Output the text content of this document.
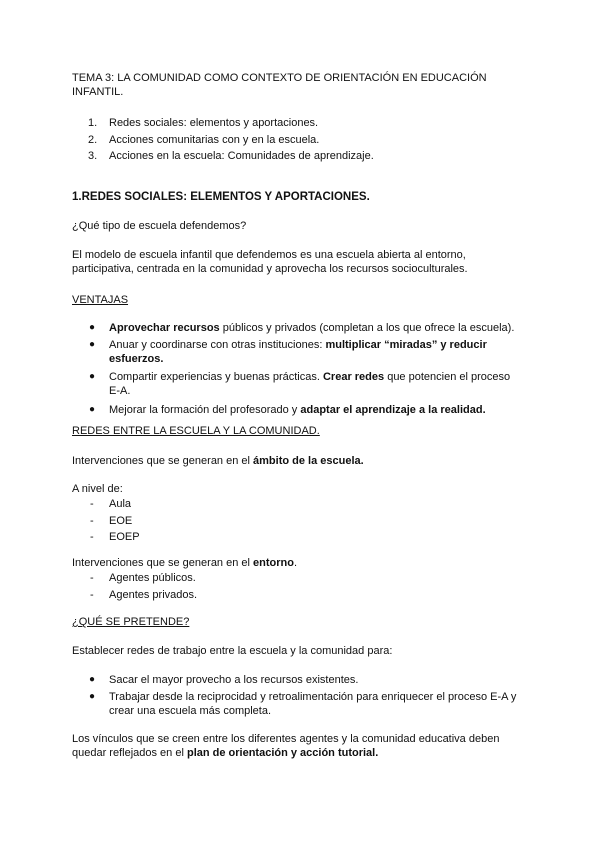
TEMA 3: LA COMUNIDAD COMO CONTEXTO DE ORIENTACIÓN EN EDUCACIÓN
INFANTIL.
1.	Redes sociales: elementos y aportaciones.
2.	Acciones comunitarias con y en la escuela.
3.	Acciones en la escuela: Comunidades de aprendizaje.
1.REDES SOCIALES: ELEMENTOS Y APORTACIONES.
¿Qué tipo de escuela defendemos?
El modelo de escuela infantil que defendemos es una escuela abierta al entorno,
participativa, centrada en la comunidad y aprovecha los recursos socioculturales.
VENTAJAS
● Aprovechar recursos públicos y privados (completan a los que ofrece la escuela).
● Anuar y coordinarse con otras instituciones: multiplicar “miradas” y reducir
esfuerzos.
● Compartir experiencias y buenas prácticas. Crear redes que potencien el proceso
E-A.
● Mejorar la formación del profesorado y adaptar el aprendizaje a la realidad.
REDES ENTRE LA ESCUELA Y LA COMUNIDAD.
Intervenciones que se generan en el ámbito de la escuela.
A nivel de:
- Aula
- EOE
- EOEP
Intervenciones que se generan en el entorno.
- Agentes públicos.
- Agentes privados.
¿QUÉ SE PRETENDE?
Establecer redes de trabajo entre la escuela y la comunidad para:
● Sacar el mayor provecho a los recursos existentes.
● Trabajar desde la reciprocidad y retroalimentación para enriquecer el proceso E-A y
crear una escuela más completa.
Los vínculos que se creen entre los diferentes agentes y la comunidad educativa deben
quedar reflejados en el plan de orientación y acción tutorial.
